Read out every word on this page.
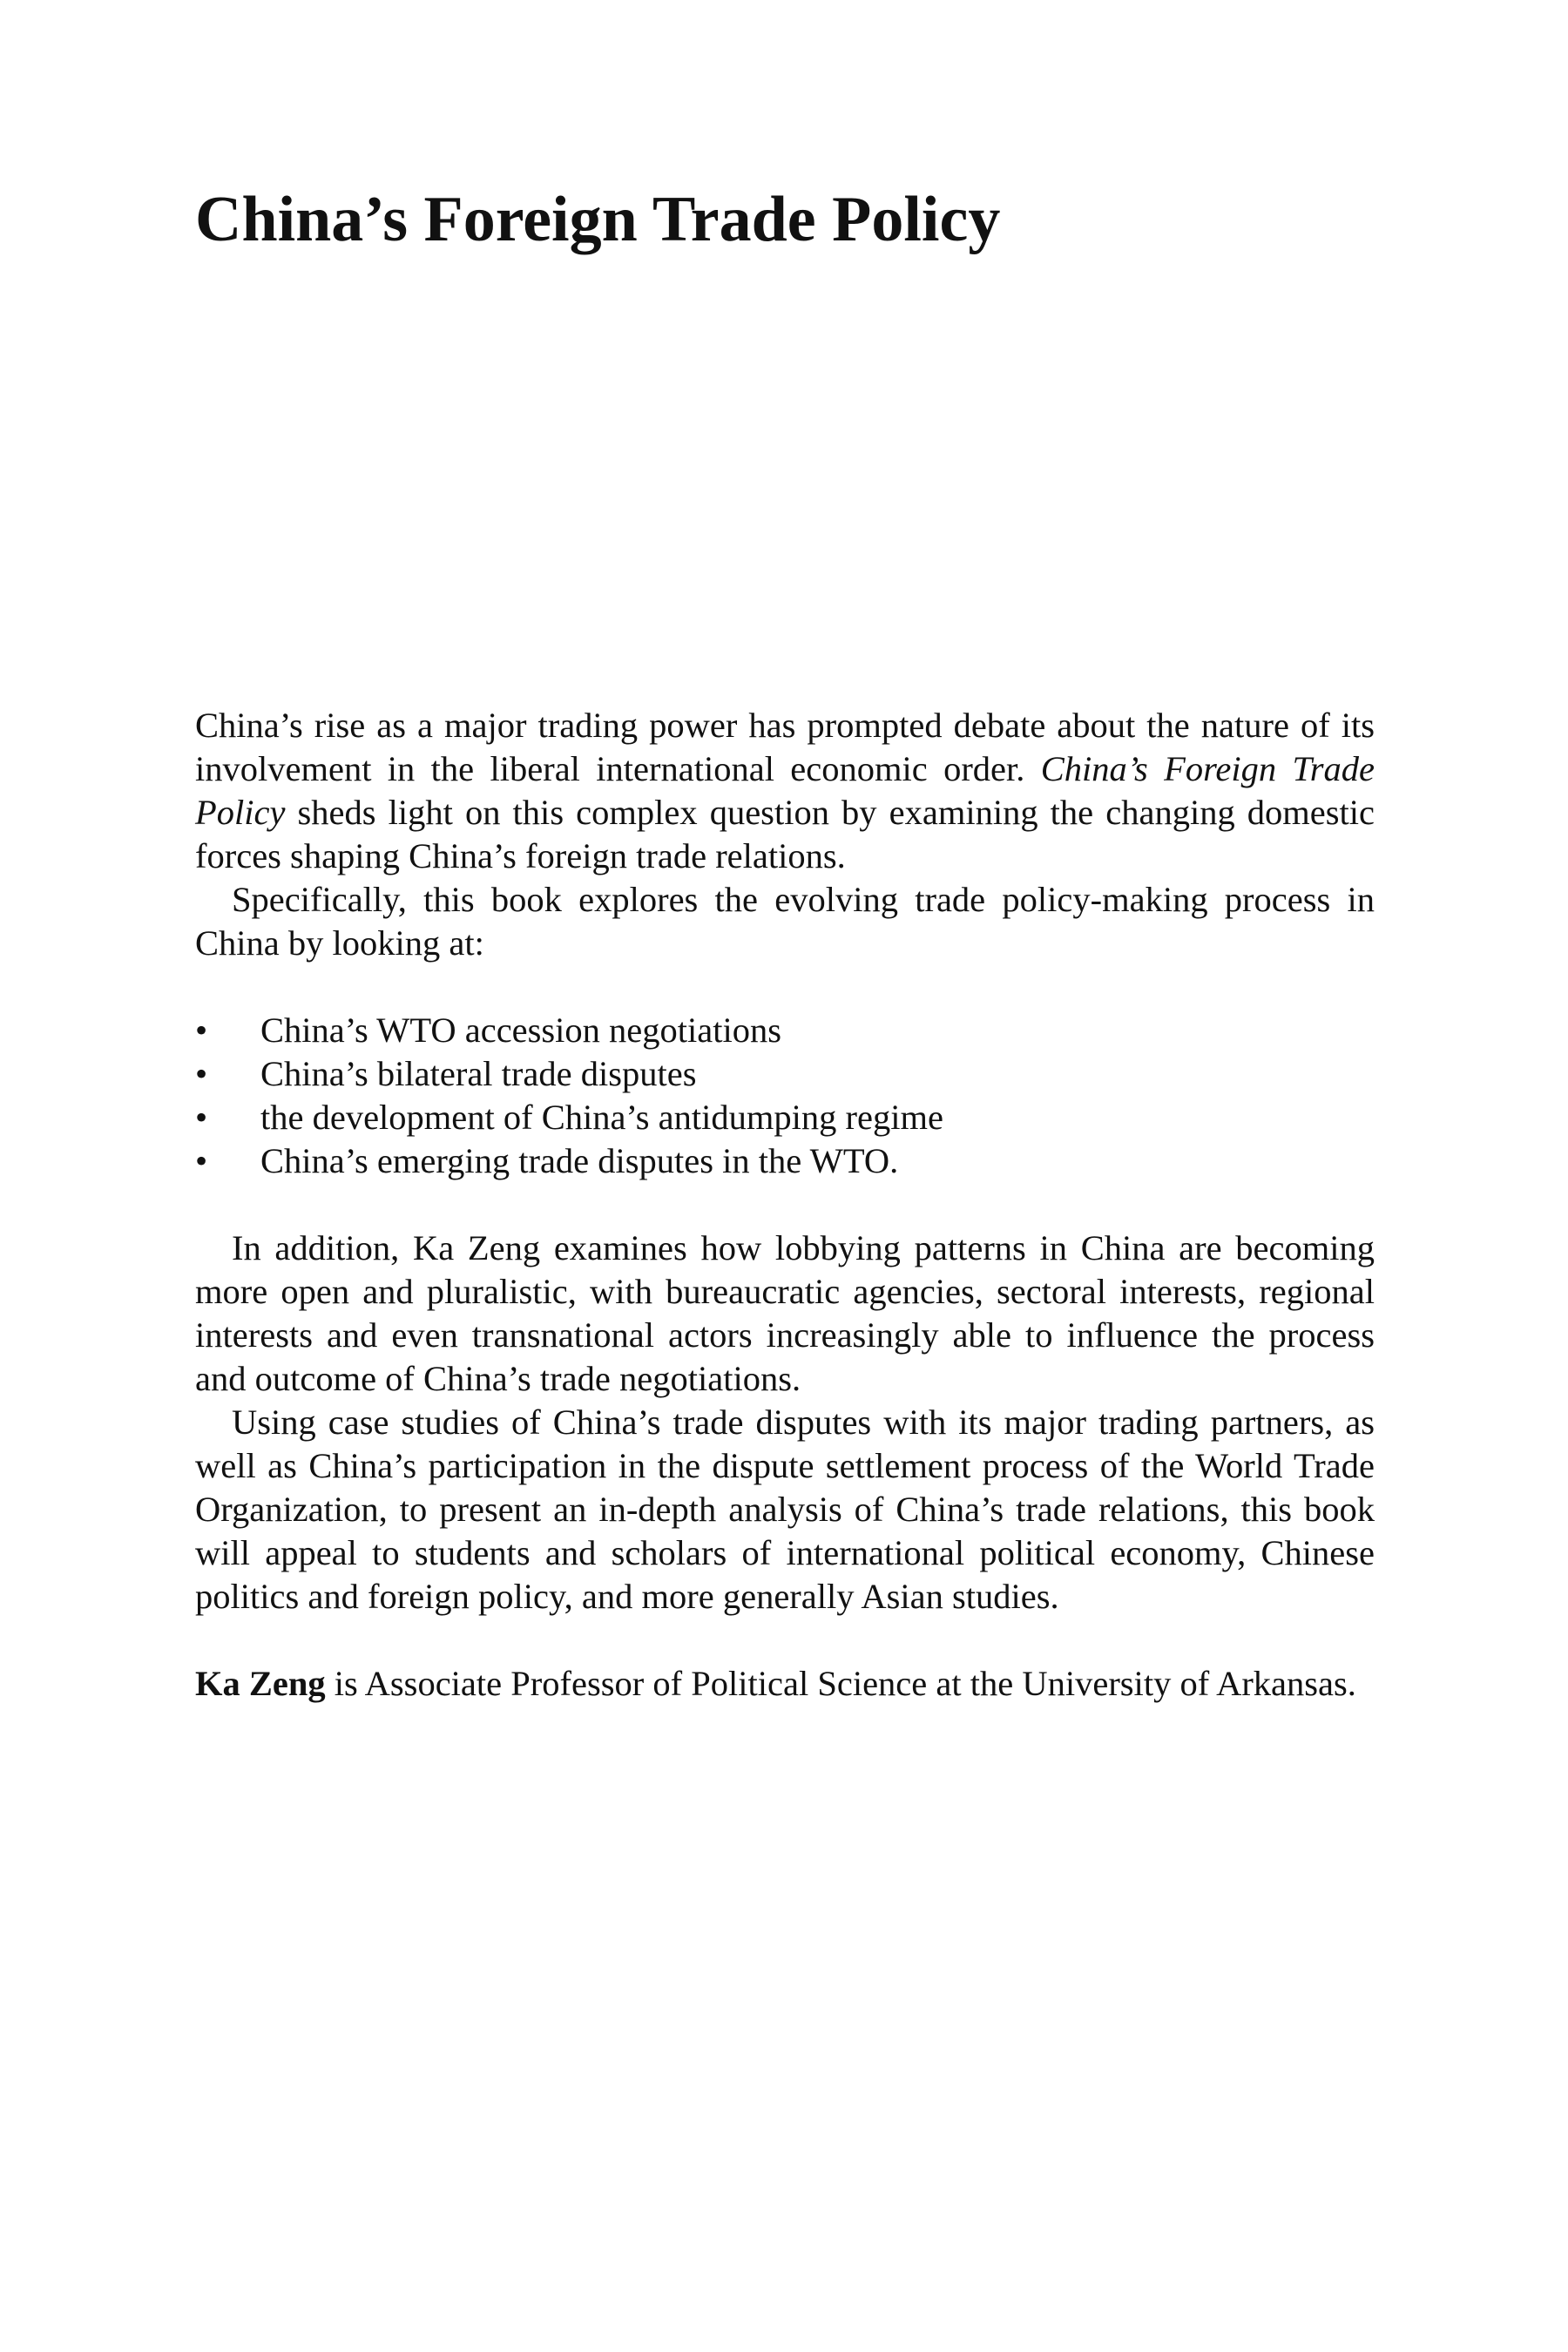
China’s Foreign Trade Policy

China’s rise as a major trading power has prompted debate about the nature of its involvement in the liberal international economic order. China’s Foreign Trade Policy sheds light on this complex question by examining the changing domestic forces shaping China’s foreign trade relations.

Specifically, this book explores the evolving trade policy-making process in China by looking at:

• China’s WTO accession negotiations
• China’s bilateral trade disputes
• the development of China’s antidumping regime
• China’s emerging trade disputes in the WTO.

In addition, Ka Zeng examines how lobbying patterns in China are becoming more open and pluralistic, with bureaucratic agencies, sectoral interests, regional interests and even transnational actors increasingly able to influence the process and outcome of China’s trade negotiations.

Using case studies of China’s trade disputes with its major trading partners, as well as China’s participation in the dispute settlement process of the World Trade Organization, to present an in-depth analysis of China’s trade relations, this book will appeal to students and scholars of international political economy, Chinese politics and foreign policy, and more generally Asian studies.

Ka Zeng is Associate Professor of Political Science at the University of Arkansas.
